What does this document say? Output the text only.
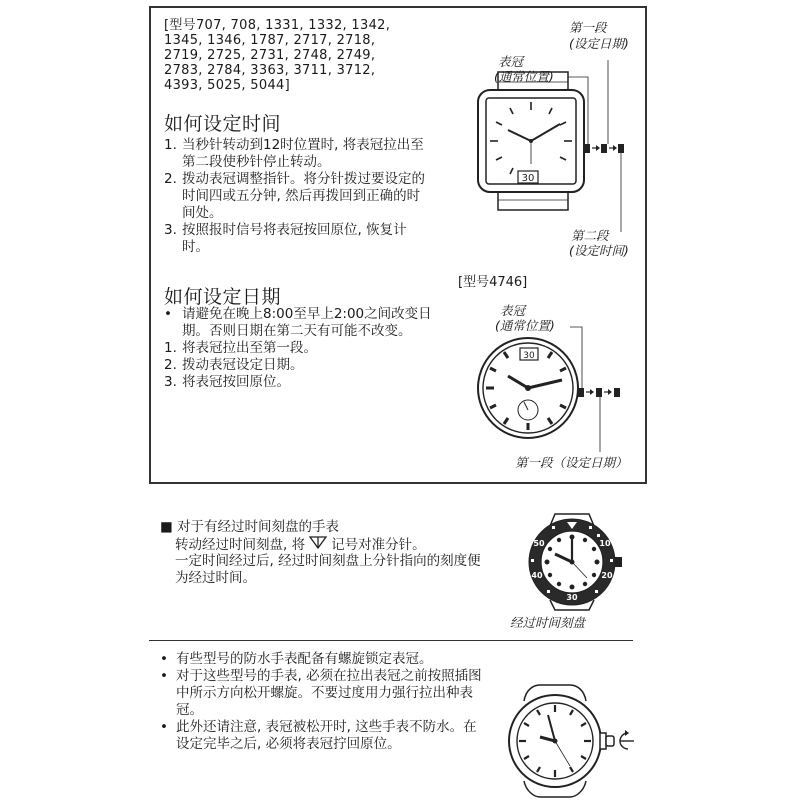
[型号707, 708, 1331, 1332, 1342,
1345, 1346, 1787, 2717, 2718,
2719, 2725, 2731, 2748, 2749,
2783, 2784, 3363, 3711, 3712,
4393, 5025, 5044]
如何设定时间
1. 当秒针转动到12时位置时, 将表冠拉出至第二段使秒针停止转动。
2. 拨动表冠调整指针。将分针拨过要设定的时间四或五分钟, 然后再拨回到正确的时间处。
3. 按照报时信号将表冠按回原位, 恢复计时。
如何设定日期
• 请避免在晚上8:00至早上2:00之间改变日期。否则日期在第二天有可能不改变。
1. 将表冠拉出至第一段。
2. 拨动表冠设定日期。
3. 将表冠按回原位。
第一段
(设定日期)
表冠
(通常位置)
第二段
(设定时间)
30
[型号4746]
表冠
(通常位置)
第一段（设定日期）
30
■ 对于有经过时间刻盘的手表
转动经过时间刻盘, 将 记号对准分针。
一定时间经过后, 经过时间刻盘上分针指向的刻度便为经过时间。
经过时间刻盘
20
30
40
50	10
• 有些型号的防水手表配备有螺旋锁定表冠。
• 对于这些型号的手表, 必须在拉出表冠之前按照插图中所示方向松开螺旋。不要过度用力强行拉出种表冠。
• 此外还请注意, 表冠被松开时, 这些手表不防水。在设定完毕之后, 必须将表冠拧回原位。
